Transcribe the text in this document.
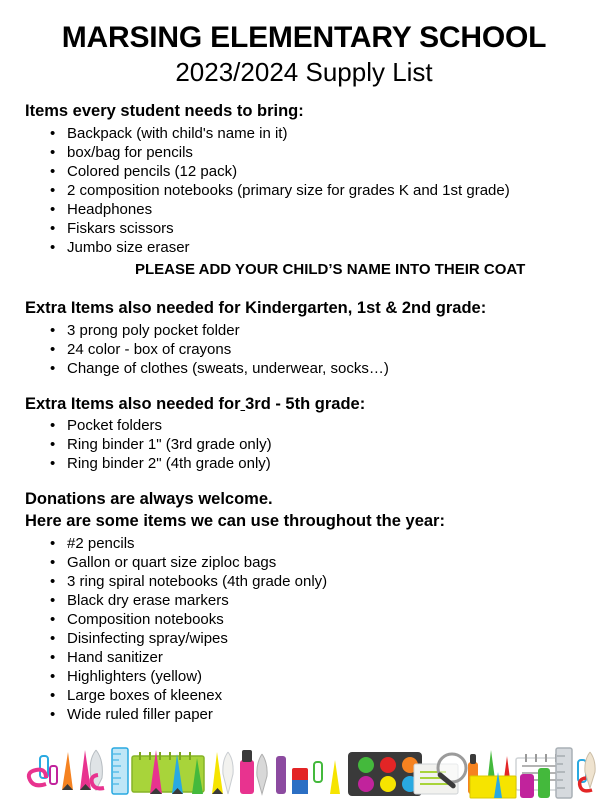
MARSING ELEMENTARY SCHOOL
2023/2024 Supply List
Items every student needs to bring:
• Backpack (with child's name in it)
• box/bag for pencils
• Colored pencils (12 pack)
• 2 composition notebooks (primary size for grades K and 1st grade)
• Headphones
• Fiskars scissors
• Jumbo size eraser
PLEASE ADD YOUR CHILD’S NAME INTO THEIR COAT
Extra Items also needed for Kindergarten, 1st & 2nd grade:
• 3 prong poly pocket folder
• 24 color - box of crayons
• Change of clothes (sweats, underwear, socks…)
Extra Items also needed for 3rd - 5th grade:
• Pocket folders
• Ring binder 1" (3rd grade only)
• Ring binder 2" (4th grade only)
Donations are always welcome.
Here are some items we can use throughout the year:
• #2 pencils
• Gallon or quart size ziploc bags
• 3 ring spiral notebooks (4th grade only)
• Black dry erase markers
• Composition notebooks
• Disinfecting spray/wipes
• Hand sanitizer
• Highlighters (yellow)
• Large boxes of kleenex
• Wide ruled filler paper
